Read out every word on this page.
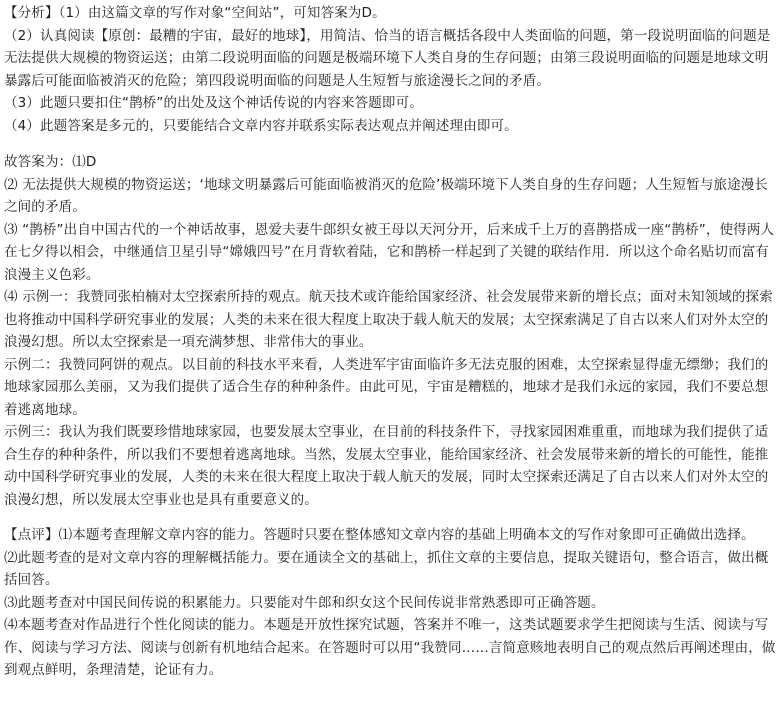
【分析】（1）由这篇文章的写作对象“空间站”，可知答案为D。
（2）认真阅读【原创：最糟的宇宙，最好的地球】，用简洁、恰当的语言概括各段中人类面临的问题，第一段说明面临的问题是无法提供大规模的物资运送；由第二段说明面临的问题是极端环境下人类自身的生存问题；由第三段说明面临的问题是地球文明暴露后可能面临被消灭的危险；第四段说明面临的问题是人生短暂与旅途漫长之间的矛盾。
（3）此题只要扣住“鹊桥”的出处及这个神话传说的内容来答题即可。
（4）此题答案是多元的，只要能结合文章内容并联系实际表达观点并阐述理由即可。
故答案为：⑴D
⑵ 无法提供大规模的物资运送；‘地球文明暴露后可能面临被消灭的危险’极端环境下人类自身的生存问题；人生短暂与旅途漫长之间的矛盾。
⑶ “鹊桥”出自中国古代的一个神话故事，恩爱夫妻牛郎织女被王母以天河分开，后来成千上万的喜鹊搭成一座“鹊桥”，使得两人在七夕得以相会，中继通信卫星引导“嫦娥四号”在月背软着陆，它和鹊桥一样起到了关键的联结作用．所以这个命名贴切而富有浪漫主义色彩。
⑷ 示例一：我赞同张柏楠对太空探索所持的观点。航天技术或许能给国家经济、社会发展带来新的增长点；面对未知领域的探索也将推动中国科学研究事业的发展；人类的未来在很大程度上取决于载人航天的发展；太空探索满足了自古以来人们对外太空的浪漫幻想。所以太空探索是一項充满梦想、非常伟大的事业。
示例二：我赞同阿饼的观点。以目前的科技水平来看，人类进军宇宙面临许多无法克服的困难，太空探索显得虚无缥缈；我们的地球家园那么美丽，又为我们提供了适合生存的种种条件。由此可见，宇宙是糟糕的，地球才是我们永远的家园，我们不要总想着逃离地球。
示例三：我认为我们既要珍惜地球家园，也要发展太空事业，在目前的科技条件下，寻找家园困难重重，而地球为我们提供了适合生存的种种条件，所以我们不要想着逃离地球。当然，发展太空事业，能给国家经济、社会发展带来新的增长的可能性，能推动中国科学研究事业的发展，人类的未来在很大程度上取决于载人航天的发展，同时太空探索还满足了自古以来人们对外太空的浪漫幻想，所以发展太空事业也是具有重要意义的。
【点评】⑴本题考查理解文章内容的能力。答题时只要在整体感知文章内容的基础上明确本文的写作对象即可正确做出选择。
⑵此题考查的是对文章内容的理解概括能力。要在通读全文的基础上，抓住文章的主要信息，提取关键语句，整合语言，做出概括回答。
⑶此题考查对中国民间传说的积累能力。只要能对牛郎和织女这个民间传说非常熟悉即可正确答题。
⑷本题考查对作品进行个性化阅读的能力。本题是开放性探究试题，答案并不唯一，这类试题要求学生把阅读与生活、阅读与写作、阅读与学习方法、阅读与创新有机地结合起来。在答题时可以用“我赞同……言简意赅地表明自己的观点然后再阐述理由，做到观点鲜明，条理清楚，论证有力。
